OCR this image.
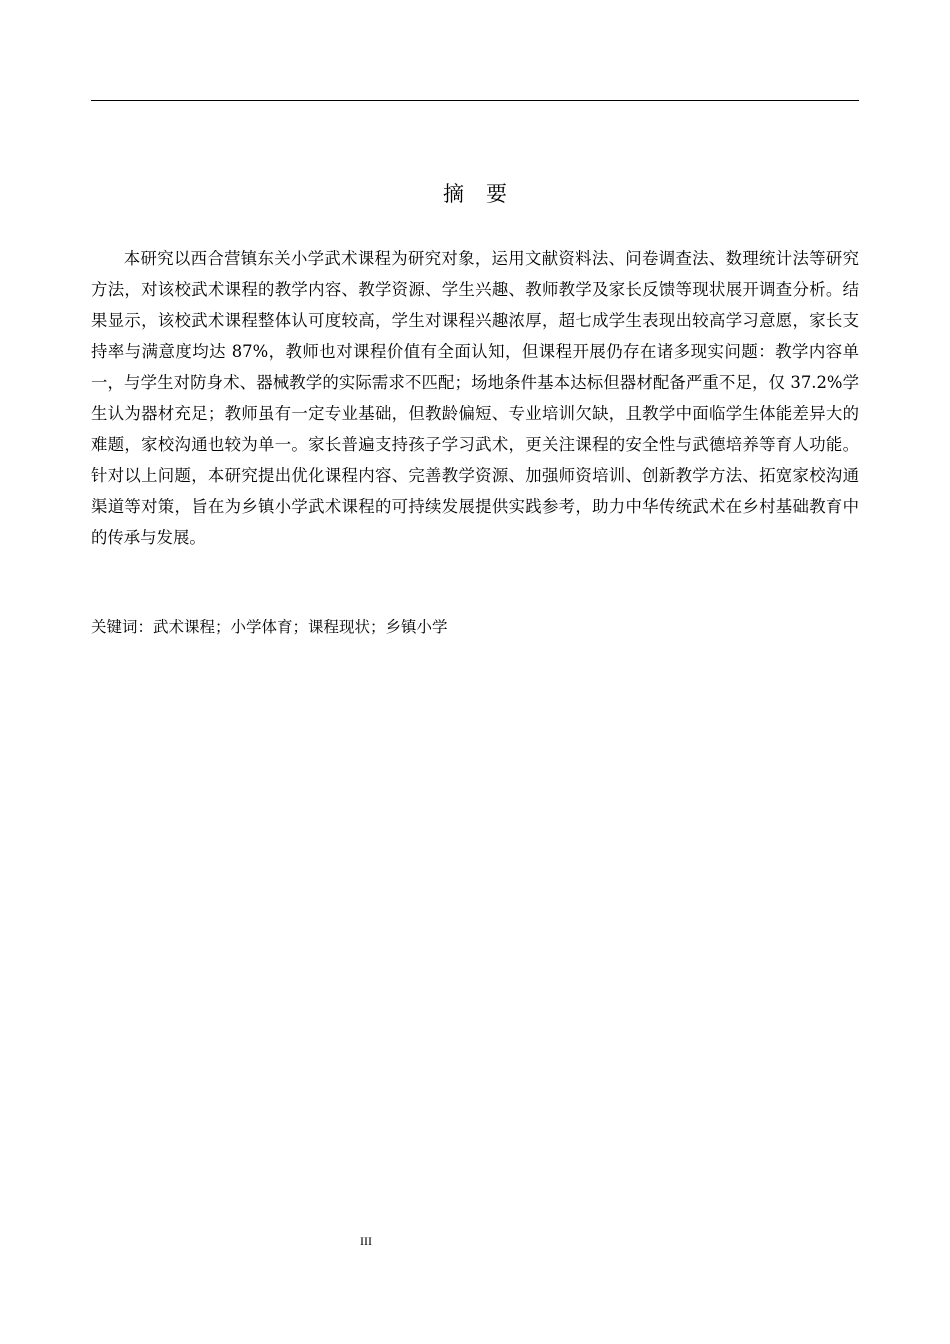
摘要

本研究以西合营镇东关小学武术课程为研究对象，运用文献资料法、问卷调查法、数理统计法等研究方法，对该校武术课程的教学内容、教学资源、学生兴趣、教师教学及家长反馈等现状展开调查分析。结果显示，该校武术课程整体认可度较高，学生对课程兴趣浓厚，超七成学生表现出较高学习意愿，家长支持率与满意度均达 87%，教师也对课程价值有全面认知，但课程开展仍存在诸多现实问题：教学内容单一，与学生对防身术、器械教学的实际需求不匹配；场地条件基本达标但器材配备严重不足，仅 37.2%学生认为器材充足；教师虽有一定专业基础，但教龄偏短、专业培训欠缺，且教学中面临学生体能差异大的难题，家校沟通也较为单一。家长普遍支持孩子学习武术，更关注课程的安全性与武德培养等育人功能。针对以上问题，本研究提出优化课程内容、完善教学资源、加强师资培训、创新教学方法、拓宽家校沟通渠道等对策，旨在为乡镇小学武术课程的可持续发展提供实践参考，助力中华传统武术在乡村基础教育中的传承与发展。

关键词：武术课程；小学体育；课程现状；乡镇小学

III
